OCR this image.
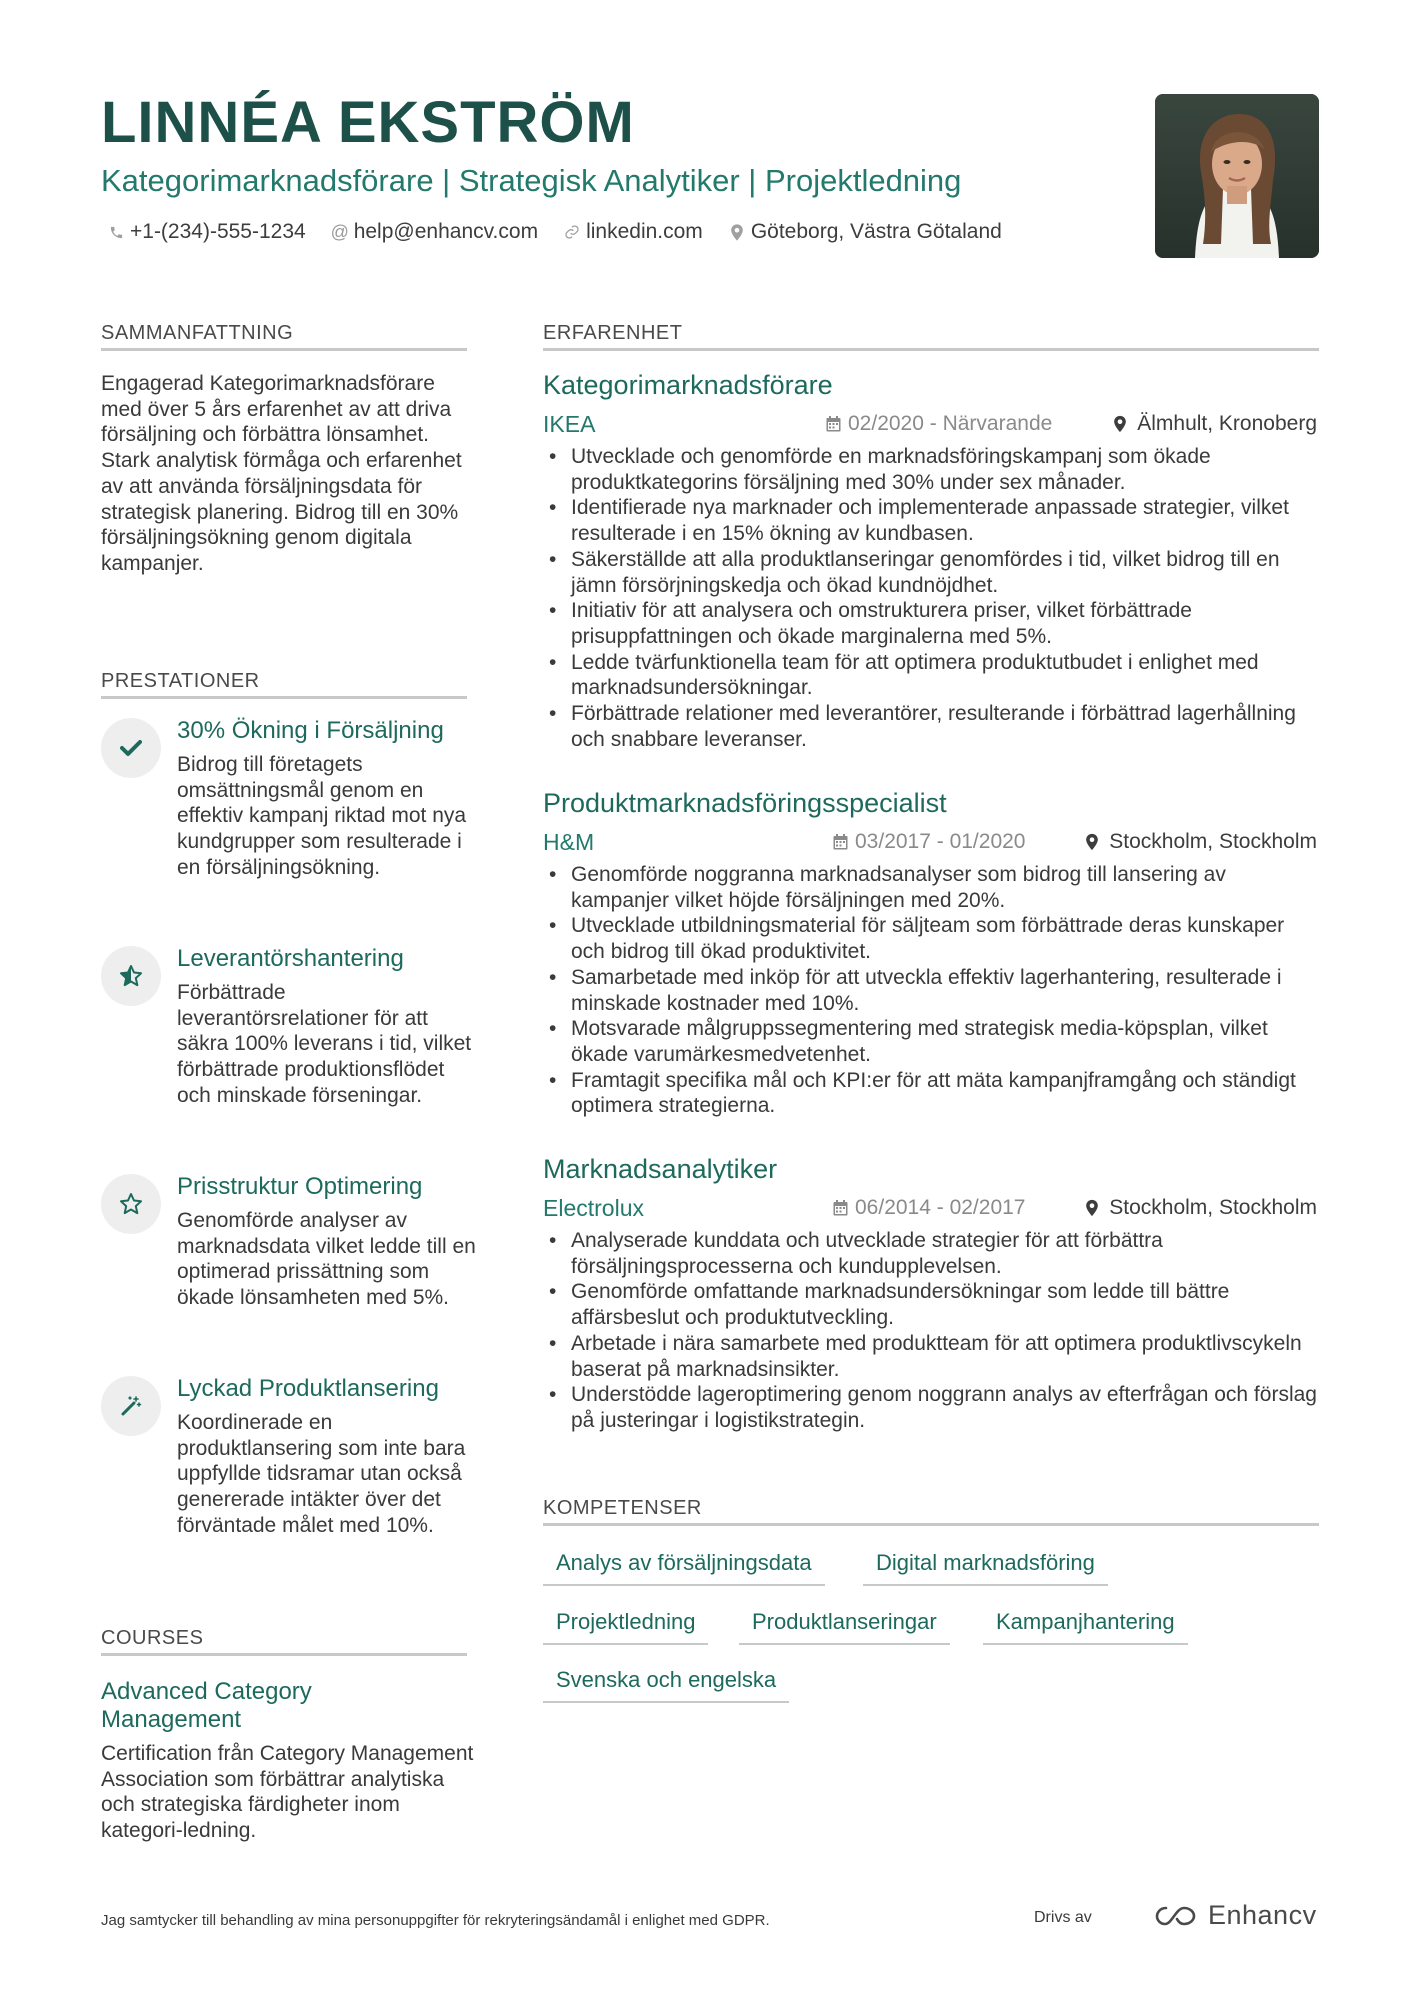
LINNÉA EKSTRÖM
Kategorimarknadsförare | Strategisk Analytiker | Projektledning
+1-(234)-555-1234 @ help@enhancv.com linkedin.com Göteborg, Västra Götaland
SAMMANFATTNING
Engagerad Kategorimarknadsförare med över 5 års erfarenhet av att driva försäljning och förbättra lönsamhet. Stark analytisk förmåga och erfarenhet av att använda försäljningsdata för strategisk planering. Bidrog till en 30% försäljningsökning genom digitala kampanjer.
PRESTATIONER
30% Ökning i Försäljning
Bidrog till företagets omsättningsmål genom en effektiv kampanj riktad mot nya kundgrupper som resulterade i en försäljningsökning.
Leverantörshantering
Förbättrade leverantörsrelationer för att säkra 100% leverans i tid, vilket förbättrade produktionsflödet och minskade förseningar.
Prisstruktur Optimering
Genomförde analyser av marknadsdata vilket ledde till en optimerad prissättning som ökade lönsamheten med 5%.
Lyckad Produktlansering
Koordinerade en produktlansering som inte bara uppfyllde tidsramar utan också genererade intäkter över det förväntade målet med 10%.
COURSES
Advanced Category Management
Certification från Category Management Association som förbättrar analytiska och strategiska färdigheter inom kategori-ledning.
ERFARENHET
Kategorimarknadsförare
IKEA	02/2020 - Närvarande	Älmhult, Kronoberg
• Utvecklade och genomförde en marknadsföringskampanj som ökade produktkategorins försäljning med 30% under sex månader.
• Identifierade nya marknader och implementerade anpassade strategier, vilket resulterade i en 15% ökning av kundbasen.
• Säkerställde att alla produktlanseringar genomfördes i tid, vilket bidrog till en jämn försörjningskedja och ökad kundnöjdhet.
• Initiativ för att analysera och omstrukturera priser, vilket förbättrade prisuppfattningen och ökade marginalerna med 5%.
• Ledde tvärfunktionella team för att optimera produktutbudet i enlighet med marknadsundersökningar.
• Förbättrade relationer med leverantörer, resulterande i förbättrad lagerhållning och snabbare leveranser.
Produktmarknadsföringsspecialist
H&M	03/2017 - 01/2020	Stockholm, Stockholm
• Genomförde noggranna marknadsanalyser som bidrog till lansering av kampanjer vilket höjde försäljningen med 20%.
• Utvecklade utbildningsmaterial för säljteam som förbättrade deras kunskaper och bidrog till ökad produktivitet.
• Samarbetade med inköp för att utveckla effektiv lagerhantering, resulterade i minskade kostnader med 10%.
• Motsvarade målgruppssegmentering med strategisk media-köpsplan, vilket ökade varumärkesmedvetenhet.
• Framtagit specifika mål och KPI:er för att mäta kampanjframgång och ständigt optimera strategierna.
Marknadsanalytiker
Electrolux	06/2014 - 02/2017	Stockholm, Stockholm
• Analyserade kunddata och utvecklade strategier för att förbättra försäljningsprocesserna och kundupplevelsen.
• Genomförde omfattande marknadsundersökningar som ledde till bättre affärsbeslut och produktutveckling.
• Arbetade i nära samarbete med produktteam för att optimera produktlivscykeln baserat på marknadsinsikter.
• Understödde lageroptimering genom noggrann analys av efterfrågan och förslag på justeringar i logistikstrategin.
KOMPETENSER
Analys av försäljningsdata	Digital marknadsföring
Projektledning	Produktlanseringar	Kampanjhantering
Svenska och engelska
Jag samtycker till behandling av mina personuppgifter för rekryteringsändamål i enlighet med GDPR.	Drivs av	Enhancv
